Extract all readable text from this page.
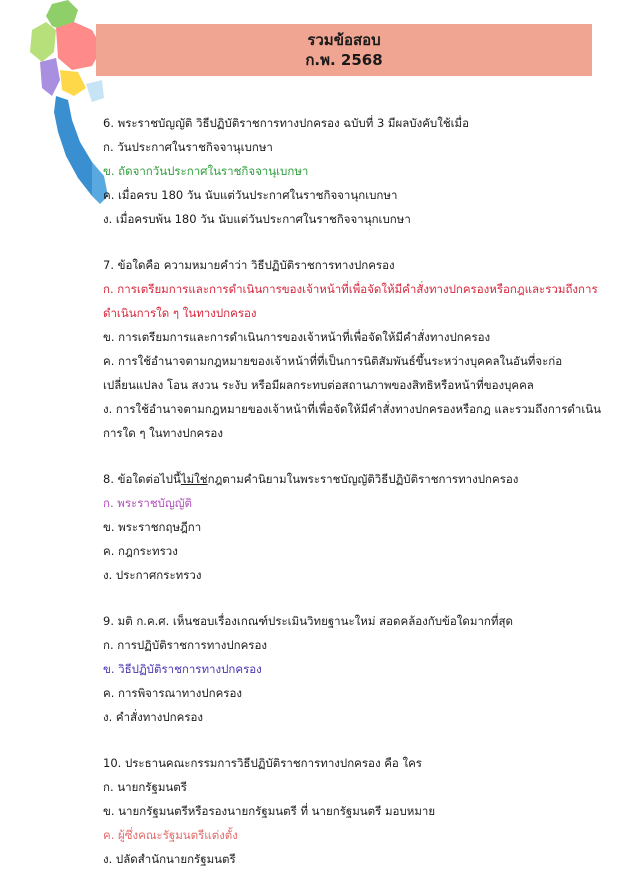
รวมข้อสอบ
ก.พ. 2568
6. พระราชบัญญัติ วิธีปฏิบัติราชการทางปกครอง ฉบับที่ 3 มีผลบังคับใช้เมื่อ
ก. วันประกาศในราชกิจจานุเบกษา
ข. ถัดจากวันประกาศในราชกิจจานุเบกษา
ค. เมื่อครบ 180 วัน นับแต่วันประกาศในราชกิจจานุกเบกษา
ง. เมื่อครบพ้น 180 วัน นับแต่วันประกาศในราชกิจจานุกเบกษา
7. ข้อใดคือ ความหมายคำว่า วิธีปฏิบัติราชการทางปกครอง
ก. การเตรียมการและการดำเนินการของเจ้าหน้าที่เพื่อจัดให้มีคำสั่งทางปกครองหรือกฎและรวมถึงการดำเนินการใด ๆ ในทางปกครอง
ข. การเตรียมการและการดำเนินการของเจ้าหน้าที่เพื่อจัดให้มีคำสั่งทางปกครอง
ค. การใช้อำนาจตามกฎหมายของเจ้าหน้าที่ที่เป็นการนิติสัมพันธ์ขึ้นระหว่างบุคคลในอันที่จะก่อเปลี่ยนแปลง โอน สงวน ระงับ หรือมีผลกระทบต่อสถานภาพของสิทธิหรือหน้าที่ของบุคคล
ง. การใช้อำนาจตามกฎหมายของเจ้าหน้าที่เพื่อจัดให้มีคำสั่งทางปกครองหรือกฎ และรวมถึงการดำเนินการใด ๆ ในทางปกครอง
8. ข้อใดต่อไปนี้ไม่ใช่กฎตามคำนิยามในพระราชบัญญัติวิธีปฏิบัติราชการทางปกครอง
ก. พระราชบัญญัติ
ข. พระราชกฤษฎีกา
ค. กฎกระทรวง
ง. ประกาศกระทรวง
9. มติ ก.ค.ศ. เห็นชอบเรื่องเกณฑ์ประเมินวิทยฐานะใหม่ สอดคล้องกับข้อใดมากที่สุด
ก. การปฏิบัติราชการทางปกครอง
ข. วิธีปฏิบัติราชการทางปกครอง
ค. การพิจารณาทางปกครอง
ง. คำสั่งทางปกครอง
10. ประธานคณะกรรมการวิธีปฏิบัติราชการทางปกครอง คือ ใคร
ก. นายกรัฐมนตรี
ข. นายกรัฐมนตรีหรือรองนายกรัฐมนตรี ที่ นายกรัฐมนตรี มอบหมาย
ค. ผู้ซึ่งคณะรัฐมนตรีแต่งตั้ง
ง. ปลัดสำนักนายกรัฐมนตรี
